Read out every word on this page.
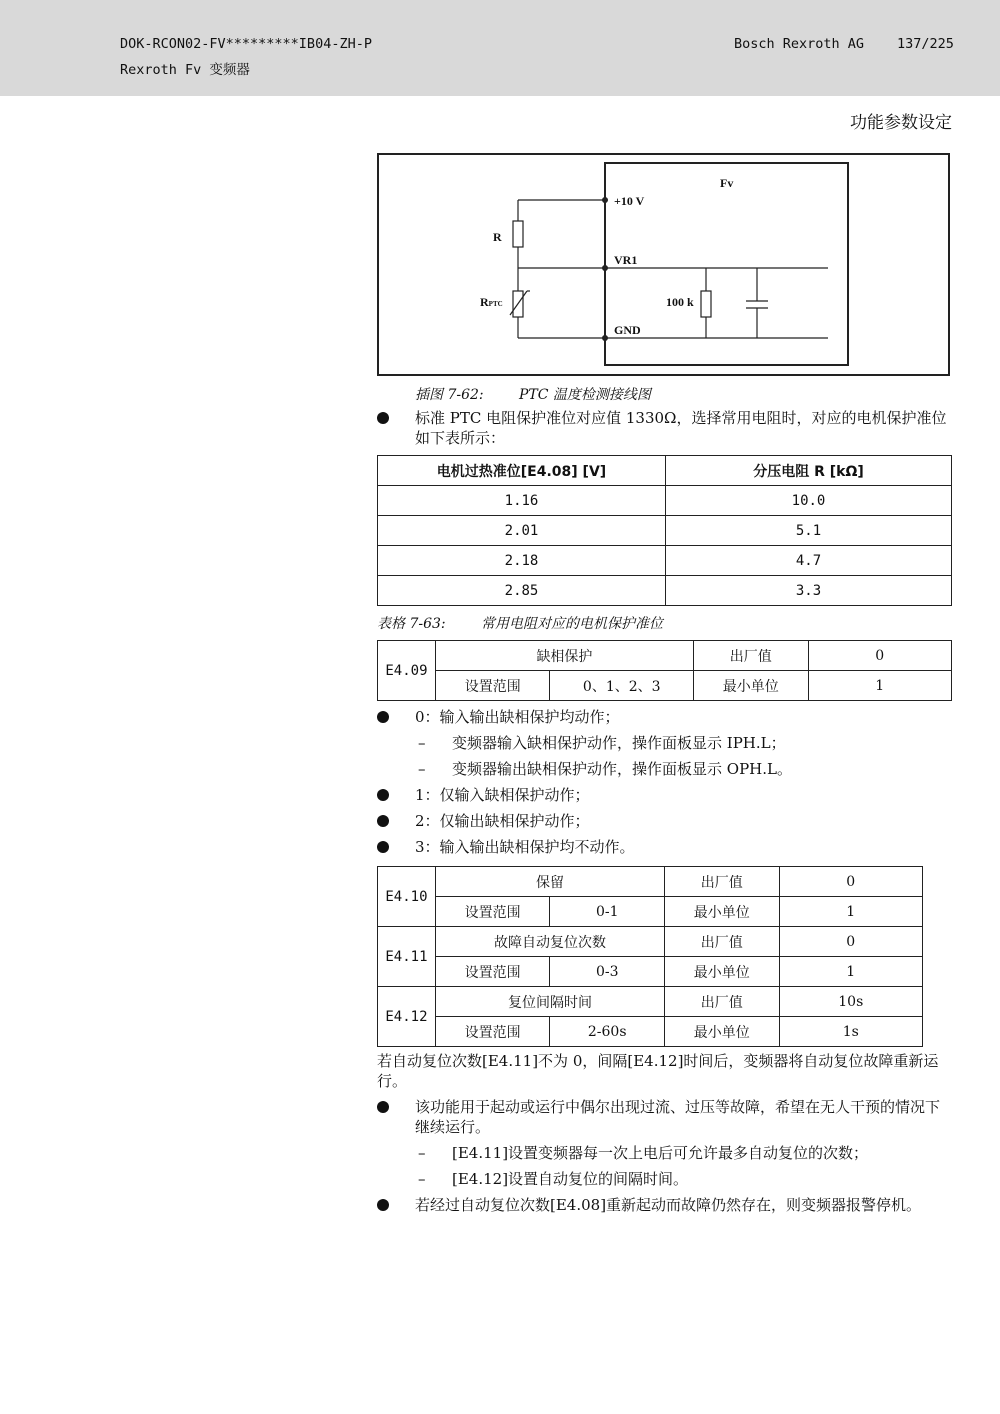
DOK-RCON02-FV*********IB04-ZH-P
Rexroth Fv 变频器
Bosch Rexroth AG 137/225
功能参数设定
Fv
+10 V
R
VR1
RPTC	100 k
GND
插图 7-62:	PTC 温度检测接线图
标准 PTC 电阻保护准位对应值 1330Ω，选择常用电阻时，对应的电机保护准位如下表所示：
电机过热准位[E4.08] [V]	分压电阻 R [kΩ]
1.16	10.0
2.01	5.1
2.18	4.7
2.85	3.3
表格 7-63:	常用电阻对应的电机保护准位
E4.09	缺相保护		出厂值	0
	设置范围	0、1、2、3	最小单位	1
0：输入输出缺相保护均动作；
– 变频器输入缺相保护动作，操作面板显示 IPH.L；
– 变频器输出缺相保护动作，操作面板显示 OPH.L。
1：仅输入缺相保护动作；
2：仅输出缺相保护动作；
3：输入输出缺相保护均不动作。
E4.10	保留		出厂值	0
	设置范围	0-1	最小单位	1
E4.11	故障自动复位次数		出厂值	0
	设置范围	0-3	最小单位	1
E4.12	复位间隔时间		出厂值	10s
	设置范围	2-60s	最小单位	1s
若自动复位次数[E4.11]不为 0，间隔[E4.12]时间后，变频器将自动复位故障重新运行。
该功能用于起动或运行中偶尔出现过流、过压等故障，希望在无人干预的情况下继续运行。
– [E4.11]设置变频器每一次上电后可允许最多自动复位的次数；
– [E4.12]设置自动复位的间隔时间。
若经过自动复位次数[E4.08]重新起动而故障仍然存在，则变频器报警停机。
